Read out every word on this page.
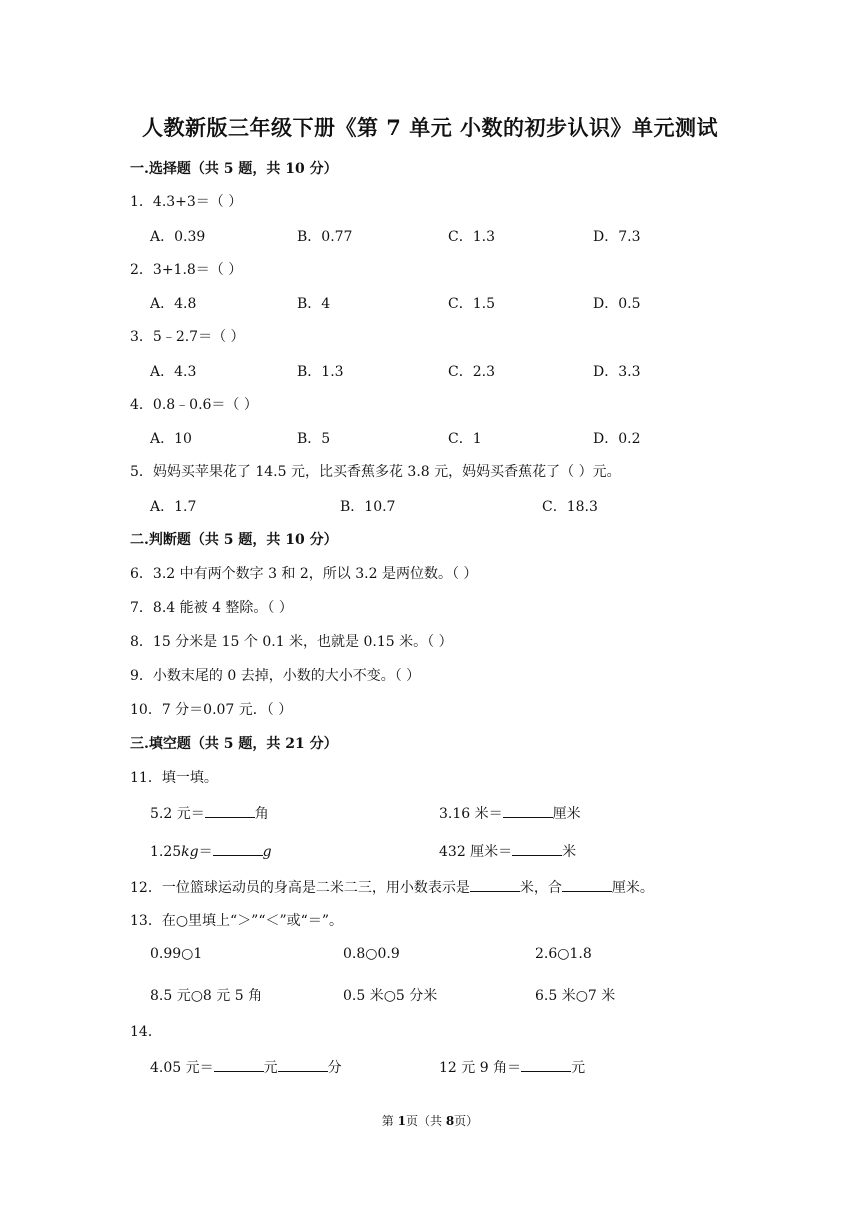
人教新版三年级下册《第 7 单元 小数的初步认识》单元测试
一.选择题（共 5 题，共 10 分）
1．4.3+3＝（ ）
A．0.39	B．0.77	C．1.3	D．7.3
2．3+1.8＝（ ）
A．4.8	B．4	C．1.5	D．0.5
3．5﹣2.7＝（ ）
A．4.3	B．1.3	C．2.3	D．3.3
4．0.8﹣0.6＝（ ）
A．10	B．5	C．1	D．0.2
5．妈妈买苹果花了 14.5 元，比买香蕉多花 3.8 元，妈妈买香蕉花了（ ）元。
A．1.7	B．10.7	C．18.3
二.判断题（共 5 题，共 10 分）
6．3.2 中有两个数字 3 和 2，所以 3.2 是两位数。（ ）
7．8.4 能被 4 整除。（ ）
8．15 分米是 15 个 0.1 米，也就是 0.15 米。（ ）
9．小数末尾的 0 去掉，小数的大小不变。（ ）
10．7 分＝0.07 元．（ ）
三.填空题（共 5 题，共 21 分）
11．填一填。
5.2 元＝	角	3.16 米＝	厘米
1.25kg＝	g	432 厘米＝	米
12．一位篮球运动员的身高是二米二三，用小数表示是	米，合	厘米。
13．在○里填上“＞”“＜”或“＝”。
0.99○1	0.8○0.9	2.6○1.8
8.5 元○8 元 5 角	0.5 米○5 分米	6.5 米○7 米
14．
4.05 元＝	元	分	12 元 9 角＝	元
第 1页（共 8页）
